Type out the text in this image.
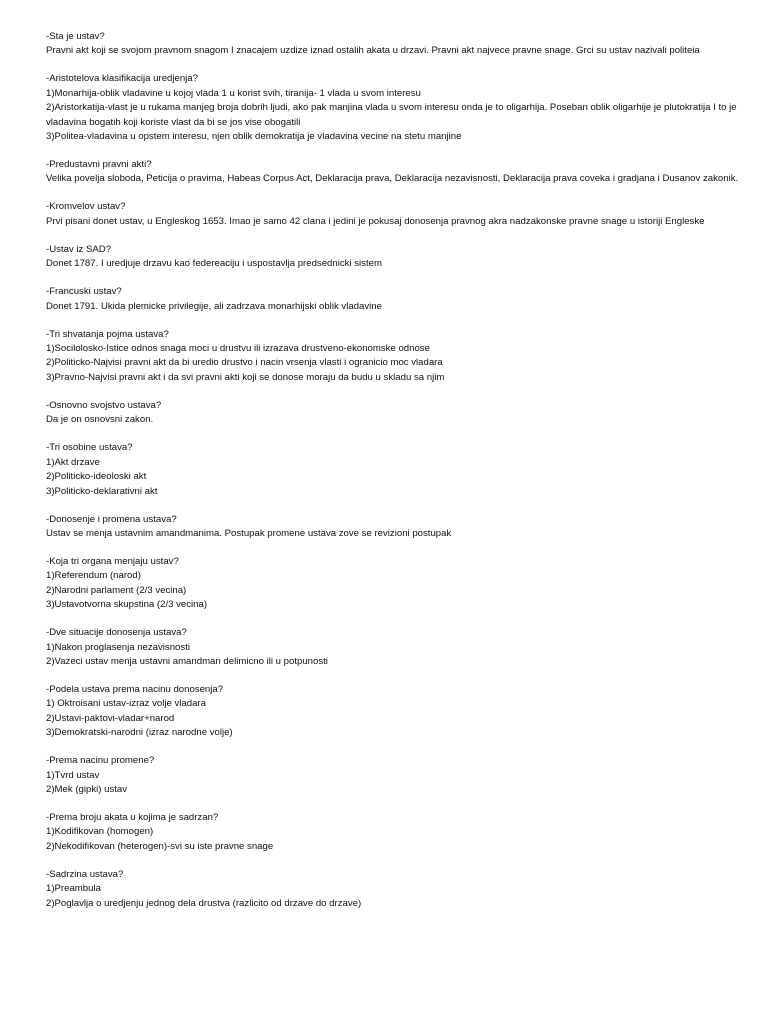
-Sta je ustav?
Pravni akt koji se svojom pravnom snagom I znacajem uzdize iznad ostalih akata u drzavi. Pravni akt najvece pravne snage. Grci su ustav nazivali politeia
-Aristotelova klasifikacija uredjenja?
1)Monarhija-oblik vladavine u kojoj vlada 1 u korist svih, tiranija- 1 vlada u svom interesu
2)Aristorkatija-vlast je u rukama manjeg broja dobrih ljudi, ako pak manjina vlada u svom interesu onda je to oligarhija. Poseban oblik oligarhije je plutokratija I to je vladavina bogatih koji koriste vlast da bi se jos vise obogatili
3)Politea-vladavina u opstem interesu, njen oblik demokratija je vladavina vecine na stetu manjine
-Predustavni pravni akti?
Velika povelja sloboda, Peticija o pravima, Habeas Corpus Act, Deklaracija prava, Deklaracija nezavisnosti, Deklaracija prava coveka i gradjana i Dusanov zakonik.
-Kromvelov ustav?
Prvi pisani donet ustav, u Engleskog 1653. Imao je samo 42 clana i jedini je pokusaj donosenja pravnog akra nadzakonske pravne snage u istoriji Engleske
-Ustav iz SAD?
Donet 1787. I uredjuje drzavu kao federeaciju i uspostavlja predsednicki sistem
-Francuski ustav?
Donet 1791. Ukida plemicke privilegije, ali zadrzava monarhijski oblik vladavine
-Tri shvatanja pojma ustava?
1)Socilolosko-Istice odnos snaga moci u drustvu ili izrazava drustveno-ekonomske odnose
2)Politicko-Najvisi pravni akt da bi uredio drustvo i nacin vrsenja vlasti i ogranicio moc vladara
3)Pravno-Najvisi pravni akt i da svi pravni akti koji se donose moraju da budu u skladu sa njim
-Osnovno svojstvo ustava?
Da je on osnovsni zakon.
-Tri osobine ustava?
1)Akt drzave
2)Politicko-ideoloski akt
3)Politicko-deklarativni akt
-Donosenje i promena ustava?
Ustav se menja ustavnim amandmanima. Postupak promene ustava zove se revizioni postupak
-Koja tri organa menjaju ustav?
1)Referendum (narod)
2)Narodni parlament (2/3 vecina)
3)Ustavotvorna skupstina (2/3 vecina)
-Dve situacije donosenja ustava?
1)Nakon proglasenja nezavisnosti
2)Vazeci ustav menja ustavni amandman delimicno ili u potpunosti
-Podela ustava prema nacinu donosenja?
1) Oktroisani ustav-izraz volje vladara
2)Ustavi-paktovi-vladar+narod
3)Demokratski-narodni (izraz narodne volje)
-Prema nacinu promene?
1)Tvrd ustav
2)Mek (gipki) ustav
-Prema broju akata u kojima je sadrzan?
1)Kodifikovan (homogen)
2)Nekodifikovan (heterogen)-svi su iste pravne snage
-Sadrzina ustava?
1)Preambula
2)Poglavlja o uredjenju jednog dela drustva (razlicito od drzave do drzave)
